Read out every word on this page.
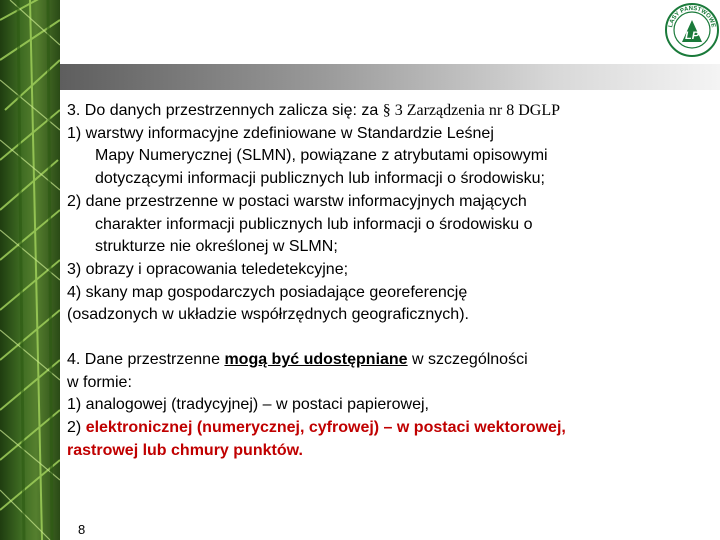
LASY PAŃSTWOWE
LP

3. Do danych przestrzennych zalicza się: za § 3 Zarządzenia nr 8 DGLP

1) warstwy informacyjne zdefiniowane w Standardzie Leśnej

Mapy Numerycznej (SLMN), powiązane z atrybutami opisowymi

dotyczącymi informacji publicznych lub informacji o środowisku;

2) dane przestrzenne w postaci warstw informacyjnych mających

charakter informacji publicznych lub informacji o środowisku o

strukturze nie określonej w SLMN;

3) obrazy i opracowania teledetekcyjne;

4) skany map gospodarczych posiadające georeferencję

(osadzonych w układzie współrzędnych geograficznych).

4. Dane przestrzenne mogą być udostępniane w szczególności

w formie:

1) analogowej (tradycyjnej) – w postaci papierowej,

2) elektronicznej (numerycznej, cyfrowej) – w postaci wektorowej,

rastrowej lub chmury punktów.

8
